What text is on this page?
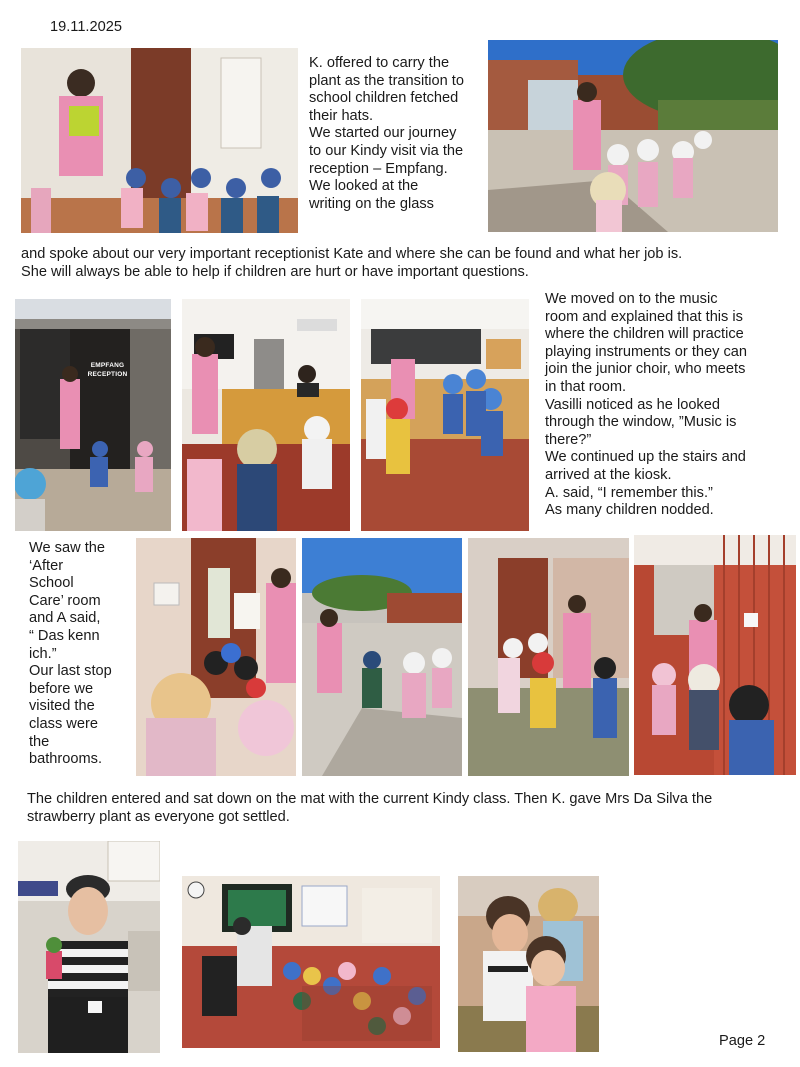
19.11.2025
K. offered to carry the
plant as the transition to
school children fetched
their hats.
We started our journey
to our Kindy visit via the
reception – Empfang.
We looked at the
writing on the glass
and spoke about our very important receptionist Kate and where she can be found and what her job is.
She will always be able to help if children are hurt or have important questions.
EMPFANG
RECEPTION
We moved on to the music
room and explained that this is
where the children will practice
playing instruments or they can
join the junior choir, who meets
in that room.
Vasilli noticed as he looked
through the window, ”Music is
there?”
We continued up the stairs and
arrived at the kiosk.
A. said, “I remember this.”
As many children nodded.
We saw the
‘After
School
Care’ room
and A said,
“ Das kenn
ich.”
Our last stop
before we
visited the
class were
the
bathrooms.
The children entered and sat down on the mat with the current Kindy class. Then K. gave Mrs Da Silva the
strawberry plant as everyone got settled.
Page 2
